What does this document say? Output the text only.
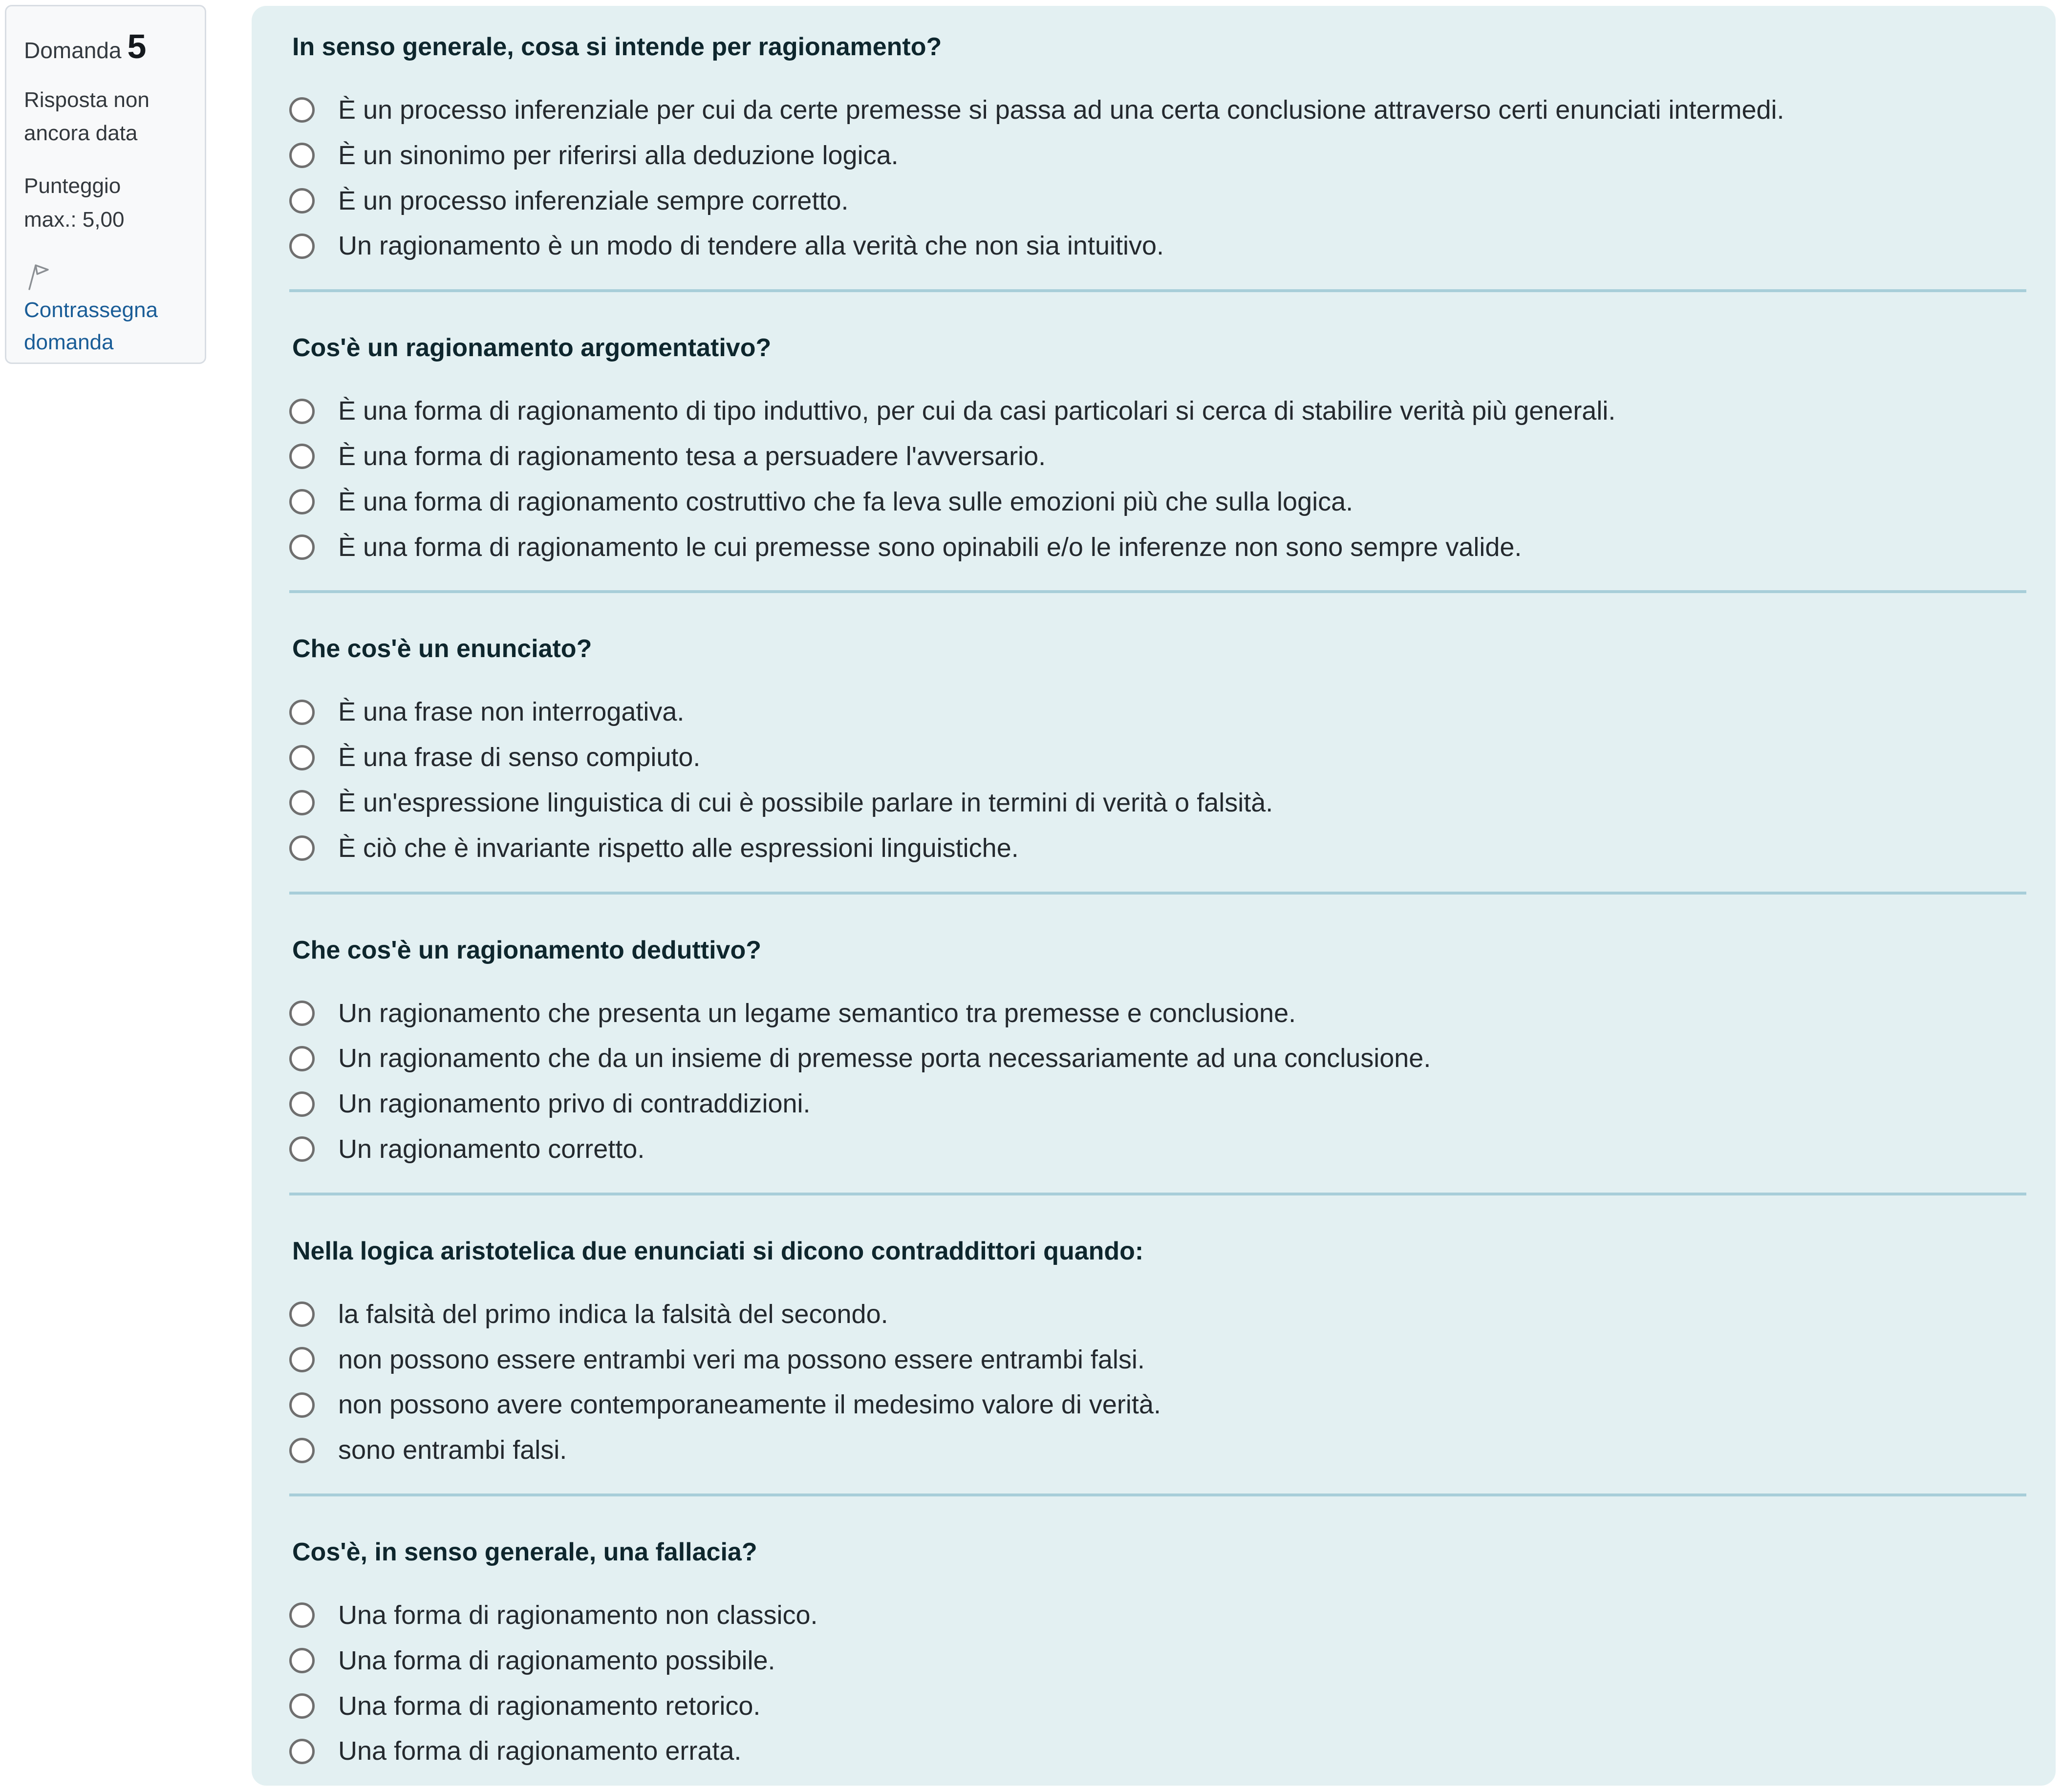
Domanda 5

Risposta non ancora data

Punteggio max.: 5,00

Contrassegna domanda
In senso generale, cosa si intende per ragionamento?
È un processo inferenziale per cui da certe premesse si passa ad una certa conclusione attraverso certi enunciati intermedi.
È un sinonimo per riferirsi alla deduzione logica.
È un processo inferenziale sempre corretto.
Un ragionamento è un modo di tendere alla verità che non sia intuitivo.
Cos'è un ragionamento argomentativo?
È una forma di ragionamento di tipo induttivo, per cui da casi particolari si cerca di stabilire verità più generali.
È una forma di ragionamento tesa a persuadere l'avversario.
È una forma di ragionamento costruttivo che fa leva sulle emozioni più che sulla logica.
È una forma di ragionamento le cui premesse sono opinabili e/o le inferenze non sono sempre valide.
Che cos'è un enunciato?
È una frase non interrogativa.
È una frase di senso compiuto.
È un'espressione linguistica di cui è possibile parlare in termini di verità o falsità.
È ciò che è invariante rispetto alle espressioni linguistiche.
Che cos'è un ragionamento deduttivo?
Un ragionamento che presenta un legame semantico tra premesse e conclusione.
Un ragionamento che da un insieme di premesse porta necessariamente ad una conclusione.
Un ragionamento privo di contraddizioni.
Un ragionamento corretto.
Nella logica aristotelica due enunciati si dicono contraddittori quando:
la falsità del primo indica la falsità del secondo.
non possono essere entrambi veri ma possono essere entrambi falsi.
non possono avere contemporaneamente il medesimo valore di verità.
sono entrambi falsi.
Cos'è, in senso generale, una fallacia?
Una forma di ragionamento non classico.
Una forma di ragionamento possibile.
Una forma di ragionamento retorico.
Una forma di ragionamento errata.
